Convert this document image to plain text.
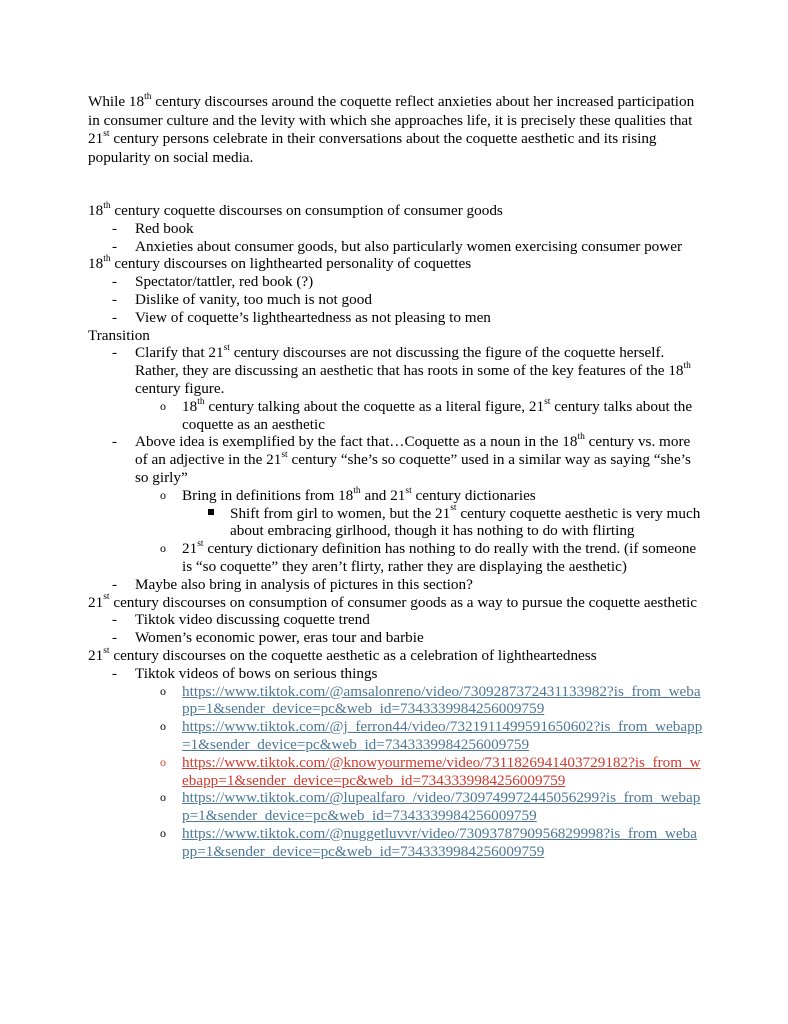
While 18th century discourses around the coquette reflect anxieties about her increased participation in consumer culture and the levity with which she approaches life, it is precisely these qualities that 21st century persons celebrate in their conversations about the coquette aesthetic and its rising popularity on social media.

18th century coquette discourses on consumption of consumer goods

- Red book
- Anxieties about consumer goods, but also particularly women exercising consumer power

18th century discourses on lighthearted personality of coquettes

- Spectator/tattler, red book (?)
- Dislike of vanity, too much is not good
- View of coquette’s lightheartedness as not pleasing to men

Transition

- Clarify that 21st century discourses are not discussing the figure of the coquette herself. Rather, they are discussing an aesthetic that has roots in some of the key features of the 18th century figure.
o 18th century talking about the coquette as a literal figure, 21st century talks about the coquette as an aesthetic
- Above idea is exemplified by the fact that…Coquette as a noun in the 18th century vs. more of an adjective in the 21st century “she’s so coquette” used in a similar way as saying “she’s so girly”
o Bring in definitions from 18th and 21st century dictionaries
Shift from girl to women, but the 21st century coquette aesthetic is very much about embracing girlhood, though it has nothing to do with flirting
o 21st century dictionary definition has nothing to do really with the trend. (if someone is “so coquette” they aren’t flirty, rather they are displaying the aesthetic)
- Maybe also bring in analysis of pictures in this section?

21st century discourses on consumption of consumer goods as a way to pursue the coquette aesthetic

- Tiktok video discussing coquette trend
- Women’s economic power, eras tour and barbie

21st century discourses on the coquette aesthetic as a celebration of lightheartedness

- Tiktok videos of bows on serious things
o https://www.tiktok.com/@amsalonreno/video/7309287372431133982?is_from_webapp=1&sender_device=pc&web_id=7343339984256009759
o https://www.tiktok.com/@j_ferron44/video/7321911499591650602?is_from_webapp=1&sender_device=pc&web_id=7343339984256009759
o https://www.tiktok.com/@knowyourmeme/video/7311826941403729182?is_from_webapp=1&sender_device=pc&web_id=7343339984256009759
o https://www.tiktok.com/@lupealfaro_/video/7309749972445056299?is_from_webapp=1&sender_device=pc&web_id=7343339984256009759
o https://www.tiktok.com/@nuggetluvvr/video/7309378790956829998?is_from_webapp=1&sender_device=pc&web_id=7343339984256009759
